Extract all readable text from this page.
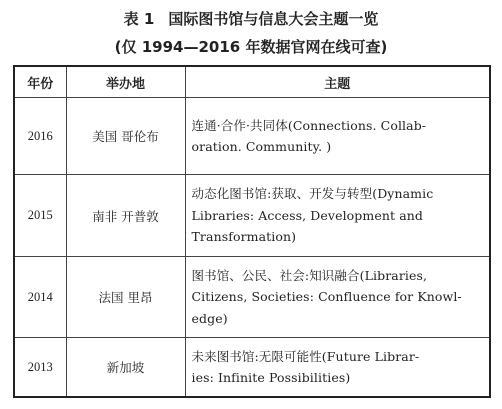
表 1 国际图书馆与信息大会主题一览
(仅 1994—2016 年数据官网在线可查)
年份	举办地	主题
2016	美国 哥伦布	连通·合作·共同体(Connections. Collab-
oration. Community. )

2015	南非 开普敦	动态化图书馆:获取、开发与转型(Dynamic
Libraries: Access, Development and
Transformation)

2014	法国 里昂	图书馆、公民、社会:知识融合(Libraries,
Citizens, Societies: Confluence for Knowl-
edge)

2013	新加坡	未来图书馆:无限可能性(Future Librar-
ies: Infinite Possibilities)
